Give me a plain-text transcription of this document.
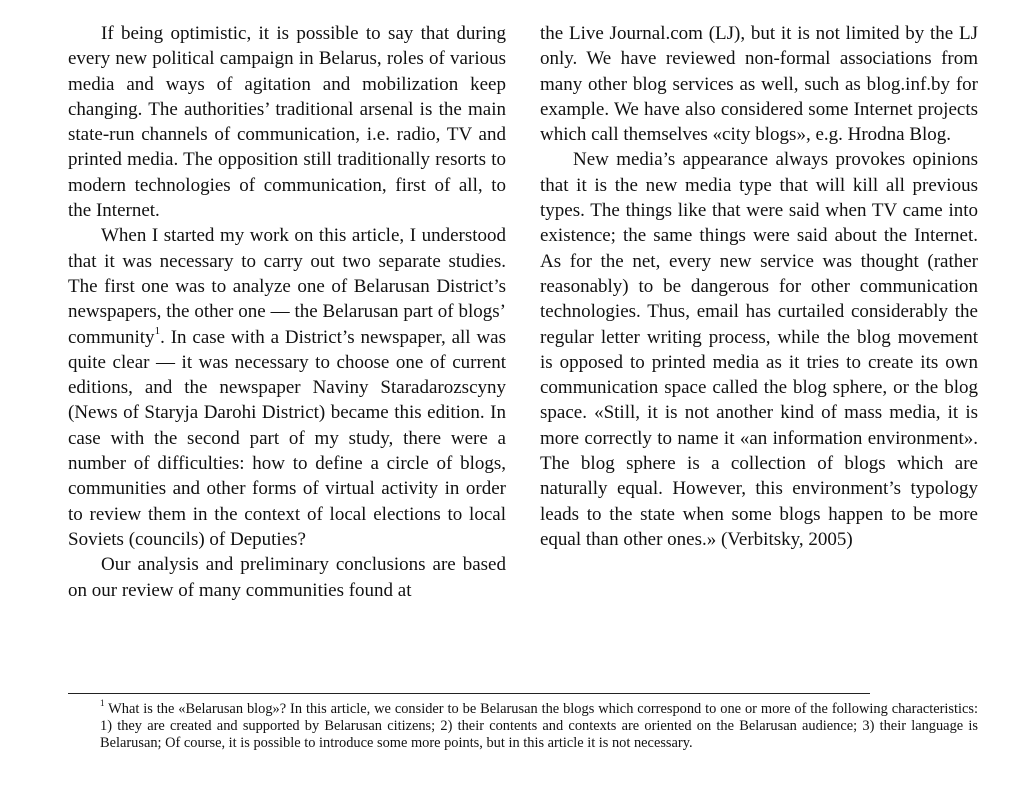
If being optimistic, it is possible to say that during every new political campaign in Belarus, roles of various media and ways of agitation and mobilization keep changing. The authorities’ traditional arsenal is the main state-run channels of communication, i.e. radio, TV and printed media. The opposition still traditionally resorts to modern technologies of communication, first of all, to the Internet.

When I started my work on this article, I understood that it was necessary to carry out two separate studies. The first one was to analyze one of Belarusan District’s newspapers, the other one — the Belarusan part of blogs’ community$^1$. In case with a District’s newspaper, all was quite clear — it was necessary to choose one of current editions, and the newspaper Naviny Staradarozscyny (News of Staryja Darohi District) became this edition. In case with the second part of my study, there were a number of difficulties: how to define a circle of blogs, communities and other forms of virtual activity in order to review them in the context of local elections to local Soviets (councils) of Deputies?

Our analysis and preliminary conclusions are based on our review of many communities found at

the Live Journal.com (LJ), but it is not limited by the LJ only. We have reviewed non-formal associations from many other blog services as well, such as blog.inf.by for example. We have also considered some Internet projects which call themselves «city blogs», e.g. Hrodna Blog.

New media’s appearance always provokes opinions that it is the new media type that will kill all previous types. The things like that were said when TV came into existence; the same things were said about the Internet. As for the net, every new service was thought (rather reasonably) to be dangerous for other communication technologies. Thus, email has curtailed considerably the regular letter writing process, while the blog movement is opposed to printed media as it tries to create its own communication space called the blog sphere, or the blog space. «Still, it is not another kind of mass media, it is more correctly to name it «an information environment». The blog sphere is a collection of blogs which are naturally equal. However, this environment’s typology leads to the state when some blogs happen to be more equal than other ones.» (Verbitsky, 2005)

$^1$ What is the «Belarusan blog»? In this article, we consider to be Belarusan the blogs which correspond to one or more of the following characteristics: 1) they are created and supported by Belarusan citizens; 2) their contents and contexts are oriented on the Belarusan audience; 3) their language is Belarusan; Of course, it is possible to introduce some more points, but in this article it is not necessary.
